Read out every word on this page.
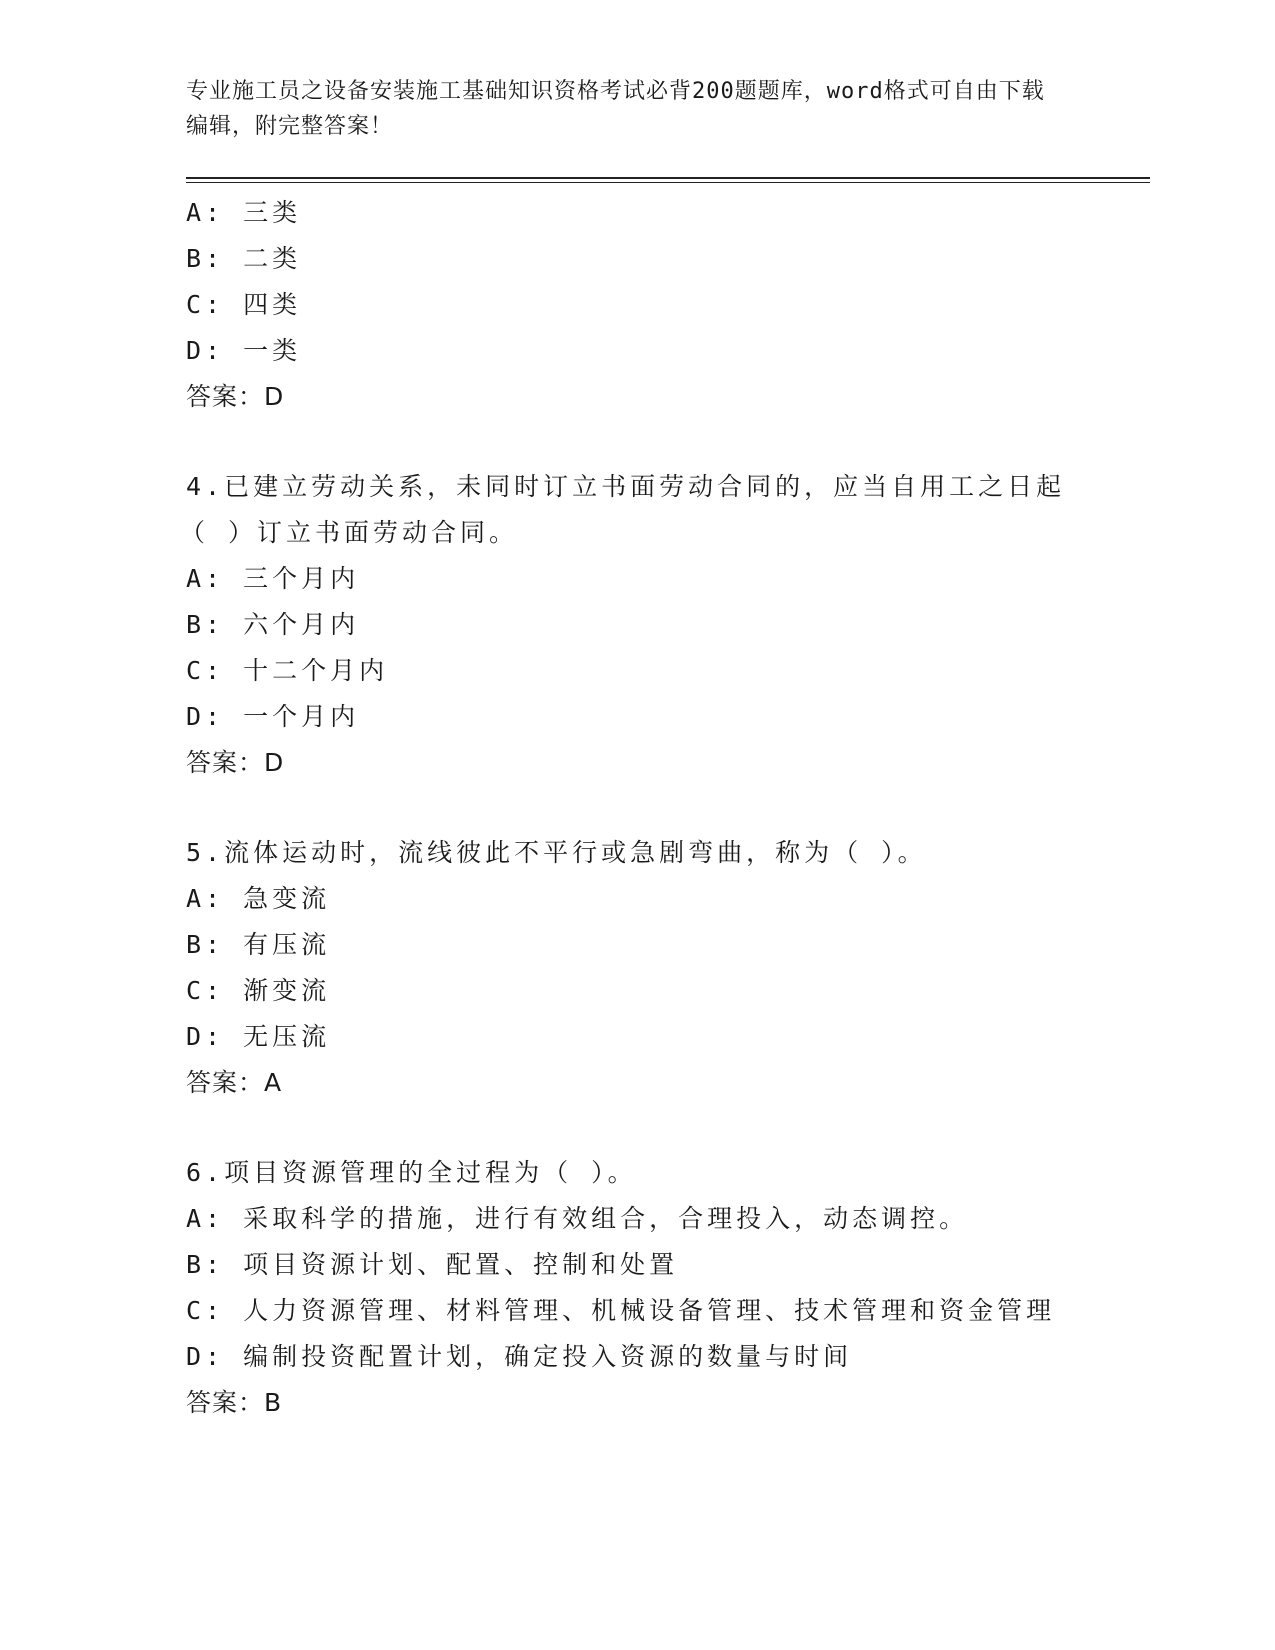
专业施工员之设备安装施工基础知识资格考试必背200题题库，word格式可自由下载编辑，附完整答案！
A: 三类
B: 二类
C: 四类
D: 一类
答案：D
4.已建立劳动关系，未同时订立书面劳动合同的，应当自用工之日起
（ ）订立书面劳动合同。
A: 三个月内
B: 六个月内
C: 十二个月内
D: 一个月内
答案：D
5.流体运动时，流线彼此不平行或急剧弯曲，称为（ ）。
A: 急变流
B: 有压流
C: 渐变流
D: 无压流
答案：A
6.项目资源管理的全过程为（ ）。
A: 采取科学的措施，进行有效组合，合理投入，动态调控。
B: 项目资源计划、配置、控制和处置
C: 人力资源管理、材料管理、机械设备管理、技术管理和资金管理
D: 编制投资配置计划，确定投入资源的数量与时间
答案：B
